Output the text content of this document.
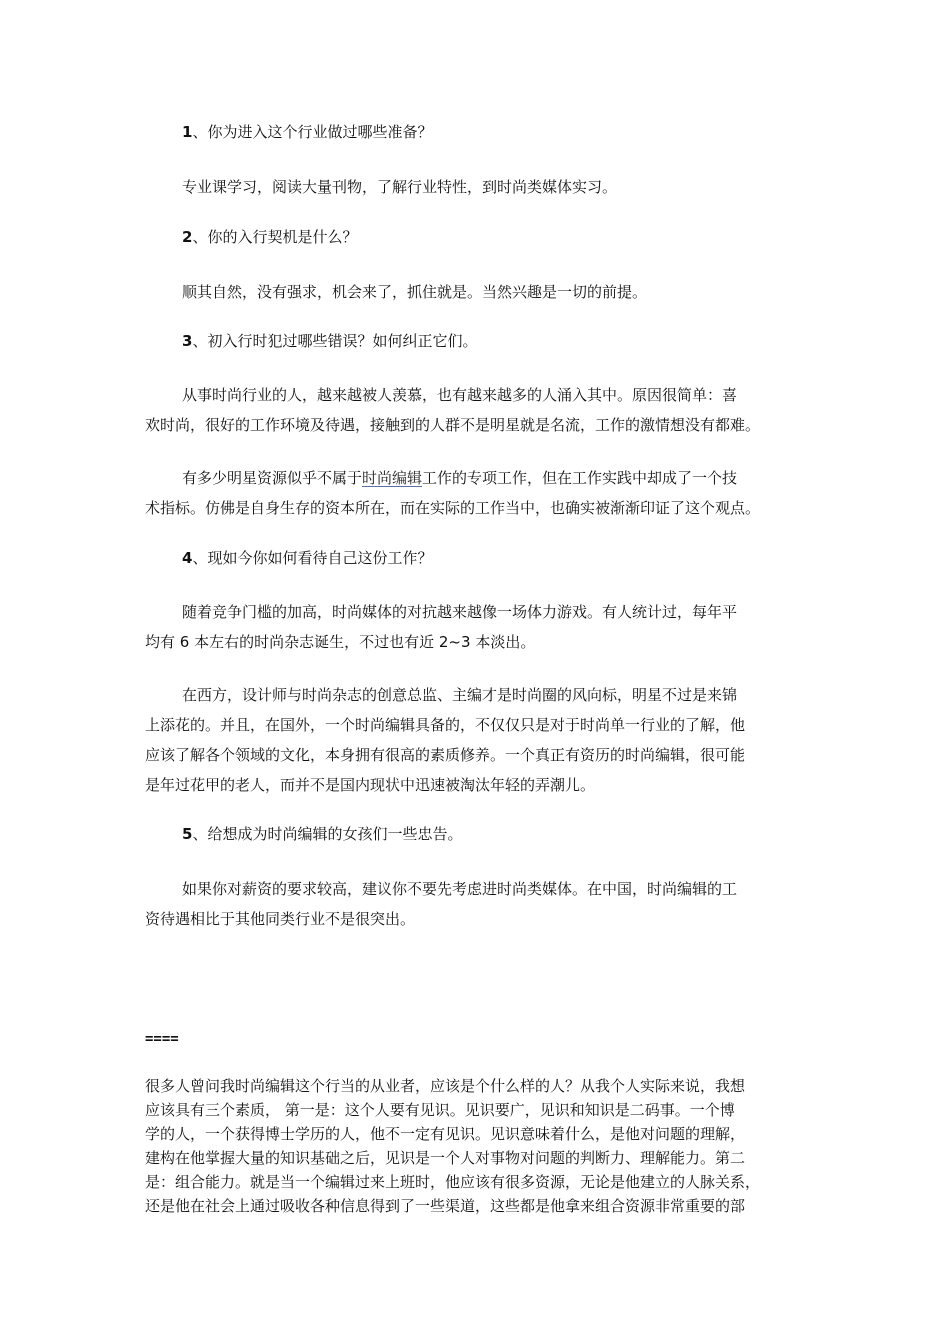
1、你为进入这个行业做过哪些准备？

专业课学习，阅读大量刊物，了解行业特性，到时尚类媒体实习。

2、你的入行契机是什么？

顺其自然，没有强求，机会来了，抓住就是。当然兴趣是一切的前提。

3、初入行时犯过哪些错误？如何纠正它们。

从事时尚行业的人，越来越被人羡慕，也有越来越多的人涌入其中。原因很简单：喜
欢时尚，很好的工作环境及待遇，接触到的人群不是明星就是名流，工作的激情想没有都难。
有多少明星资源似乎不属于时尚编辑工作的专项工作，但在工作实践中却成了一个技
术指标。仿佛是自身生存的资本所在，而在实际的工作当中，也确实被渐渐印证了这个观点。

4、现如今你如何看待自己这份工作？

随着竞争门槛的加高，时尚媒体的对抗越来越像一场体力游戏。有人统计过，每年平
均有 6 本左右的时尚杂志诞生，不过也有近 2~3 本淡出。
在西方，设计师与时尚杂志的创意总监、主编才是时尚圈的风向标，明星不过是来锦
上添花的。并且，在国外，一个时尚编辑具备的，不仅仅只是对于时尚单一行业的了解，他
应该了解各个领域的文化，本身拥有很高的素质修养。一个真正有资历的时尚编辑，很可能
是年过花甲的老人，而并不是国内现状中迅速被淘汰年轻的弄潮儿。

5、给想成为时尚编辑的女孩们一些忠告。

如果你对薪资的要求较高，建议你不要先考虑进时尚类媒体。在中国，时尚编辑的工
资待遇相比于其他同类行业不是很突出。

====

很多人曾问我时尚编辑这个行当的从业者，应该是个什么样的人？从我个人实际来说，我想
应该具有三个素质， 第一是：这个人要有见识。见识要广，见识和知识是二码事。一个博
学的人，一个获得博士学历的人，他不一定有见识。见识意味着什么，是他对问题的理解，
建构在他掌握大量的知识基础之后，见识是一个人对事物对问题的判断力、理解能力。第二
是：组合能力。就是当一个编辑过来上班时，他应该有很多资源，无论是他建立的人脉关系，
还是他在社会上通过吸收各种信息得到了一些渠道，这些都是他拿来组合资源非常重要的部
